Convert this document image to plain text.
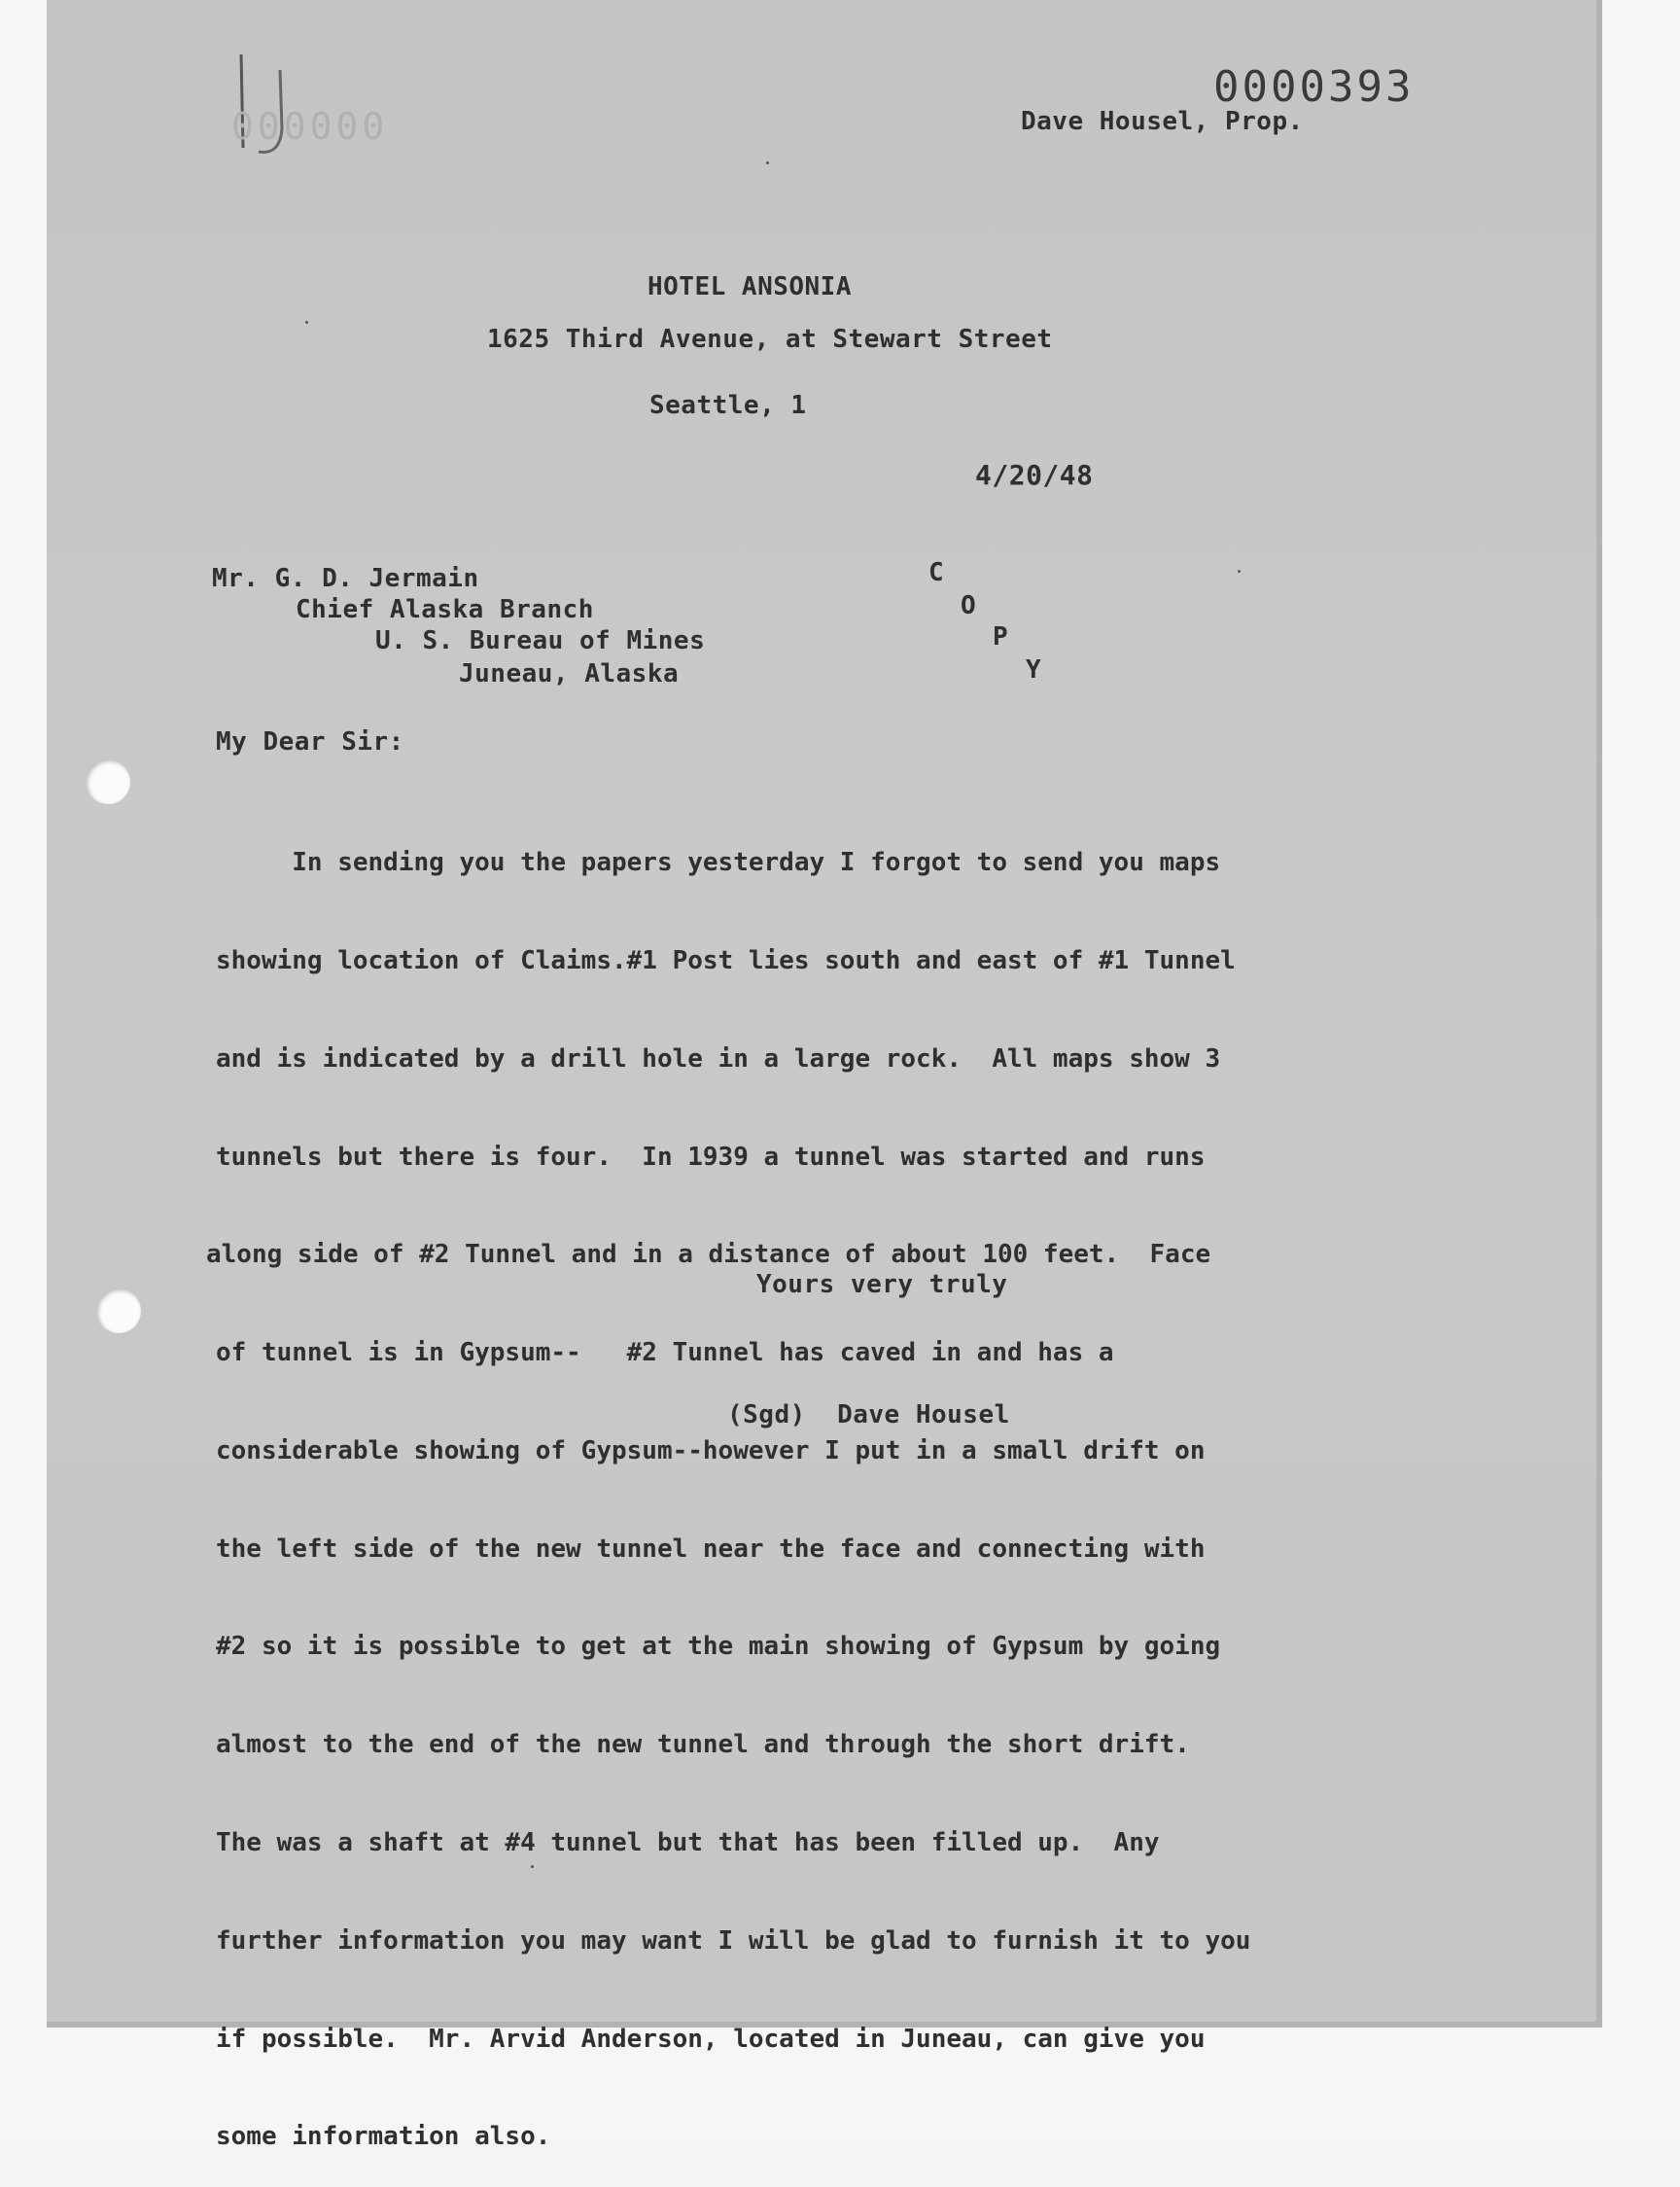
000000
0000393
Dave Housel, Prop.
HOTEL ANSONIA
1625 Third Avenue, at Stewart Street
Seattle, 1
4/20/48
Mr. G. D. Jermain
Chief Alaska Branch
U. S. Bureau of Mines
Juneau, Alaska
C
O
P
Y
My Dear Sir:
Yours very truly
(Sgd)  Dave Housel

In sending you the papers yesterday I forgot to send you maps

showing location of Claims.#1 Post lies south and east of #1 Tunnel

and is indicated by a drill hole in a large rock.  All maps show 3

tunnels but there is four.  In 1939 a tunnel was started and runs

along side of #2 Tunnel and in a distance of about 100 feet.  Face

of tunnel is in Gypsum--   #2 Tunnel has caved in and has a

considerable showing of Gypsum--however I put in a small drift on

the left side of the new tunnel near the face and connecting with

#2 so it is possible to get at the main showing of Gypsum by going

almost to the end of the new tunnel and through the short drift.

The was a shaft at #4 tunnel but that has been filled up.  Any

further information you may want I will be glad to furnish it to you

if possible.  Mr. Arvid Anderson, located in Juneau, can give you

some information also.
